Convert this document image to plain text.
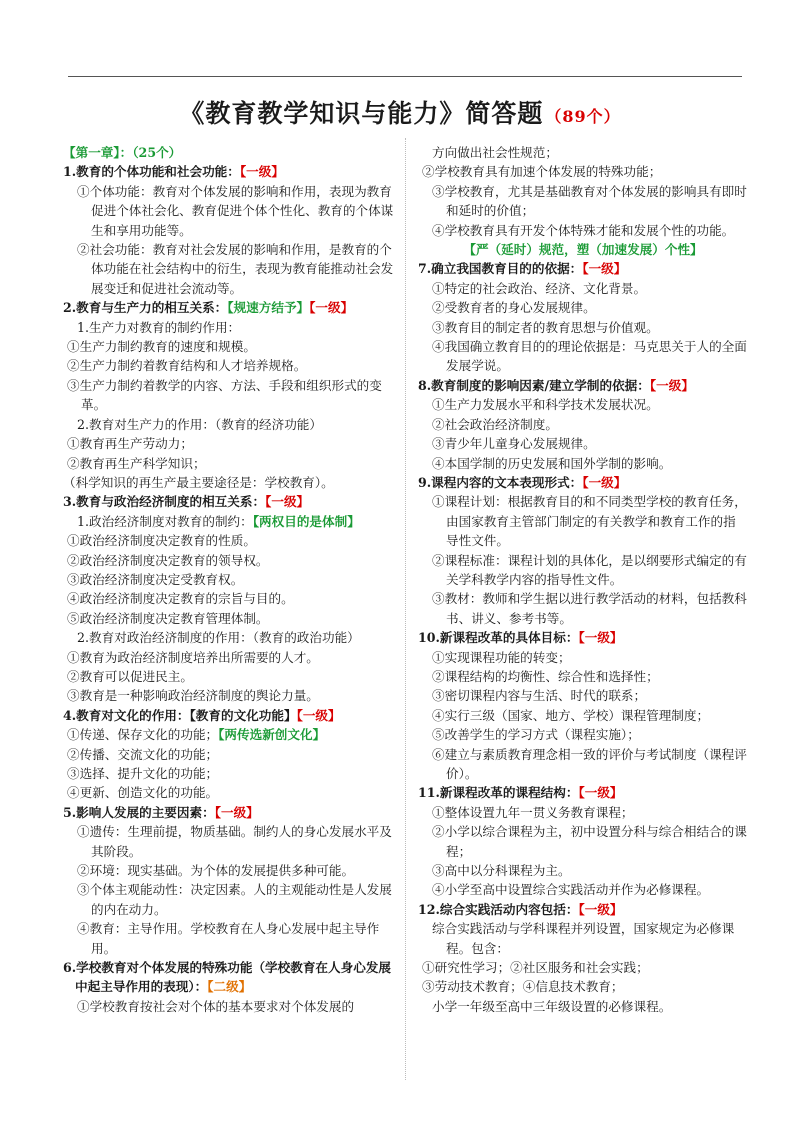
《教育教学知识与能力》简答题 （89个）
【第一章】：（25个）
1.教育的个体功能和社会功能：【一级】
①个体功能：教育对个体发展的影响和作用，表现为教育促进个体社会化、教育促进个体个性化、教育的个体谋生和享用功能等。
②社会功能：教育对社会发展的影响和作用，是教育的个体功能在社会结构中的衍生，表现为教育能推动社会发展变迁和促进社会流动等。
2.教育与生产力的相互关系：【规速方结予】【一级】
1.生产力对教育的制约作用：
①生产力制约教育的速度和规模。
②生产力制约着教育结构和人才培养规格。
③生产力制约着教学的内容、方法、手段和组织形式的变革。
2.教育对生产力的作用：（教育的经济功能）
①教育再生产劳动力；
②教育再生产科学知识；
（科学知识的再生产最主要途径是：学校教育）。
3.教育与政治经济制度的相互关系：【一级】
1.政治经济制度对教育的制约：【两权目的是体制】
①政治经济制度决定教育的性质。
②政治经济制度决定教育的领导权。
③政治经济制度决定受教育权。
④政治经济制度决定教育的宗旨与目的。
⑤政治经济制度决定教育管理体制。
2.教育对政治经济制度的作用：（教育的政治功能）
①教育为政治经济制度培养出所需要的人才。
②教育可以促进民主。
③教育是一种影响政治经济制度的舆论力量。
4.教育对文化的作用：【教育的文化功能】【一级】
①传递、保存文化的功能；【两传选新创文化】
②传播、交流文化的功能；
③选择、提升文化的功能；
④更新、创造文化的功能。
5.影响人发展的主要因素：【一级】
①遗传：生理前提，物质基础。制约人的身心发展水平及其阶段。
②环境：现实基础。为个体的发展提供多种可能。
③个体主观能动性：决定因素。人的主观能动性是人发展的内在动力。
④教育：主导作用。学校教育在人身心发展中起主导作用。
6.学校教育对个体发展的特殊功能（学校教育在人身心发展中起主导作用的表现）：【二级】
①学校教育按社会对个体的基本要求对个体发展的
方向做出社会性规范；
②学校教育具有加速个体发展的特殊功能；
③学校教育，尤其是基础教育对个体发展的影响具有即时和延时的价值；
④学校教育具有开发个体特殊才能和发展个性的功能。
【严（延时）规范，塑（加速发展）个性】
7.确立我国教育目的的依据：【一级】
①特定的社会政治、经济、文化背景。
②受教育者的身心发展规律。
③教育目的制定者的教育思想与价值观。
④我国确立教育目的的理论依据是：马克思关于人的全面发展学说。
8.教育制度的影响因素/建立学制的依据：【一级】
①生产力发展水平和科学技术发展状况。
②社会政治经济制度。
③青少年儿童身心发展规律。
④本国学制的历史发展和国外学制的影响。
9.课程内容的文本表现形式：【一级】
①课程计划：根据教育目的和不同类型学校的教育任务，由国家教育主管部门制定的有关教学和教育工作的指导性文件。
②课程标准：课程计划的具体化，是以纲要形式编定的有关学科教学内容的指导性文件。
③教材：教师和学生据以进行教学活动的材料，包括教科书、讲义、参考书等。
10.新课程改革的具体目标：【一级】
①实现课程功能的转变；
②课程结构的均衡性、综合性和选择性；
③密切课程内容与生活、时代的联系；
④实行三级（国家、地方、学校）课程管理制度；
⑤改善学生的学习方式（课程实施）；
⑥建立与素质教育理念相一致的评价与考试制度（课程评价）。
11.新课程改革的课程结构：【一级】
①整体设置九年一贯义务教育课程；
②小学以综合课程为主，初中设置分科与综合相结合的课程；
③高中以分科课程为主。
④小学至高中设置综合实践活动并作为必修课程。
12.综合实践活动内容包括：【一级】
综合实践活动与学科课程并列设置，国家规定为必修课程。包含：
①研究性学习；②社区服务和社会实践；
③劳动技术教育；④信息技术教育；
小学一年级至高中三年级设置的必修课程。
